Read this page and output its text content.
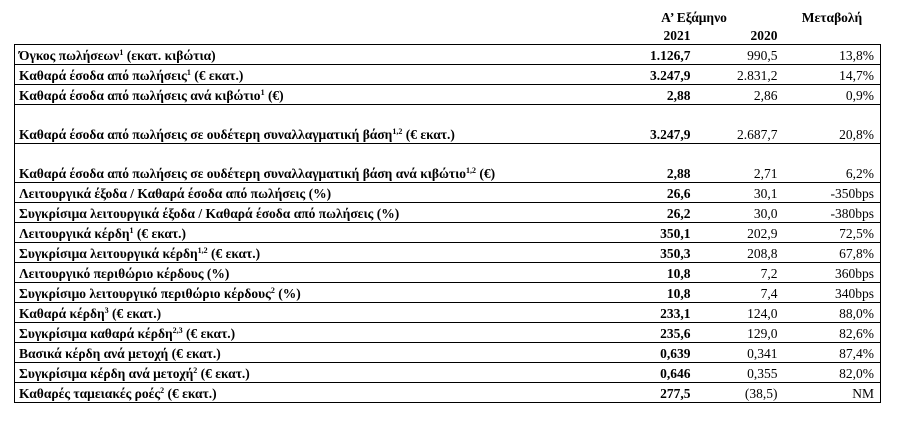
	Α’ Εξάμηνο		Μεταβολή
	2021	2020	
Όγκος πωλήσεων$^1$ (εκατ. κιβώτια)	1.126,7	990,5	13,8%
Καθαρά έσοδα από πωλήσεις$^1$ (€ εκατ.)	3.247,9	2.831,2	14,7%
Καθαρά έσοδα από πωλήσεις ανά κιβώτιο$^1$ (€)	2,88	2,86	0,9%
Καθαρά έσοδα από πωλήσεις σε ουδέτερη συναλλαγματική βάση$^{1,2}$ (€ εκατ.)	3.247,9	2.687,7	20,8%
Καθαρά έσοδα από πωλήσεις σε ουδέτερη συναλλαγματική βάση ανά κιβώτιο$^{1,2}$ (€)	2,88	2,71	6,2%
Λειτουργικά έξοδα / Καθαρά έσοδα από πωλήσεις (%)	26,6	30,1	-350bps
Συγκρίσιμα λειτουργικά έξοδα / Καθαρά έσοδα από πωλήσεις (%)	26,2	30,0	-380bps
Λειτουργικά κέρδη$^1$ (€ εκατ.)	350,1	202,9	72,5%
Συγκρίσιμα λειτουργικά κέρδη$^{1,2}$ (€ εκατ.)	350,3	208,8	67,8%
Λειτουργικό περιθώριο κέρδους (%)	10,8	7,2	360bps
Συγκρίσιμο λειτουργικό περιθώριο κέρδους$^2$ (%)	10,8	7,4	340bps
Καθαρά κέρδη$^3$ (€ εκατ.)	233,1	124,0	88,0%
Συγκρίσιμα καθαρά κέρδη$^{2,3}$ (€ εκατ.)	235,6	129,0	82,6%
Βασικά κέρδη ανά μετοχή (€ εκατ.)	0,639	0,341	87,4%
Συγκρίσιμα κέρδη ανά μετοχή$^2$ (€ εκατ.)	0,646	0,355	82,0%
Καθαρές ταμειακές ροές$^2$ (€ εκατ.)	277,5	(38,5)	NM
